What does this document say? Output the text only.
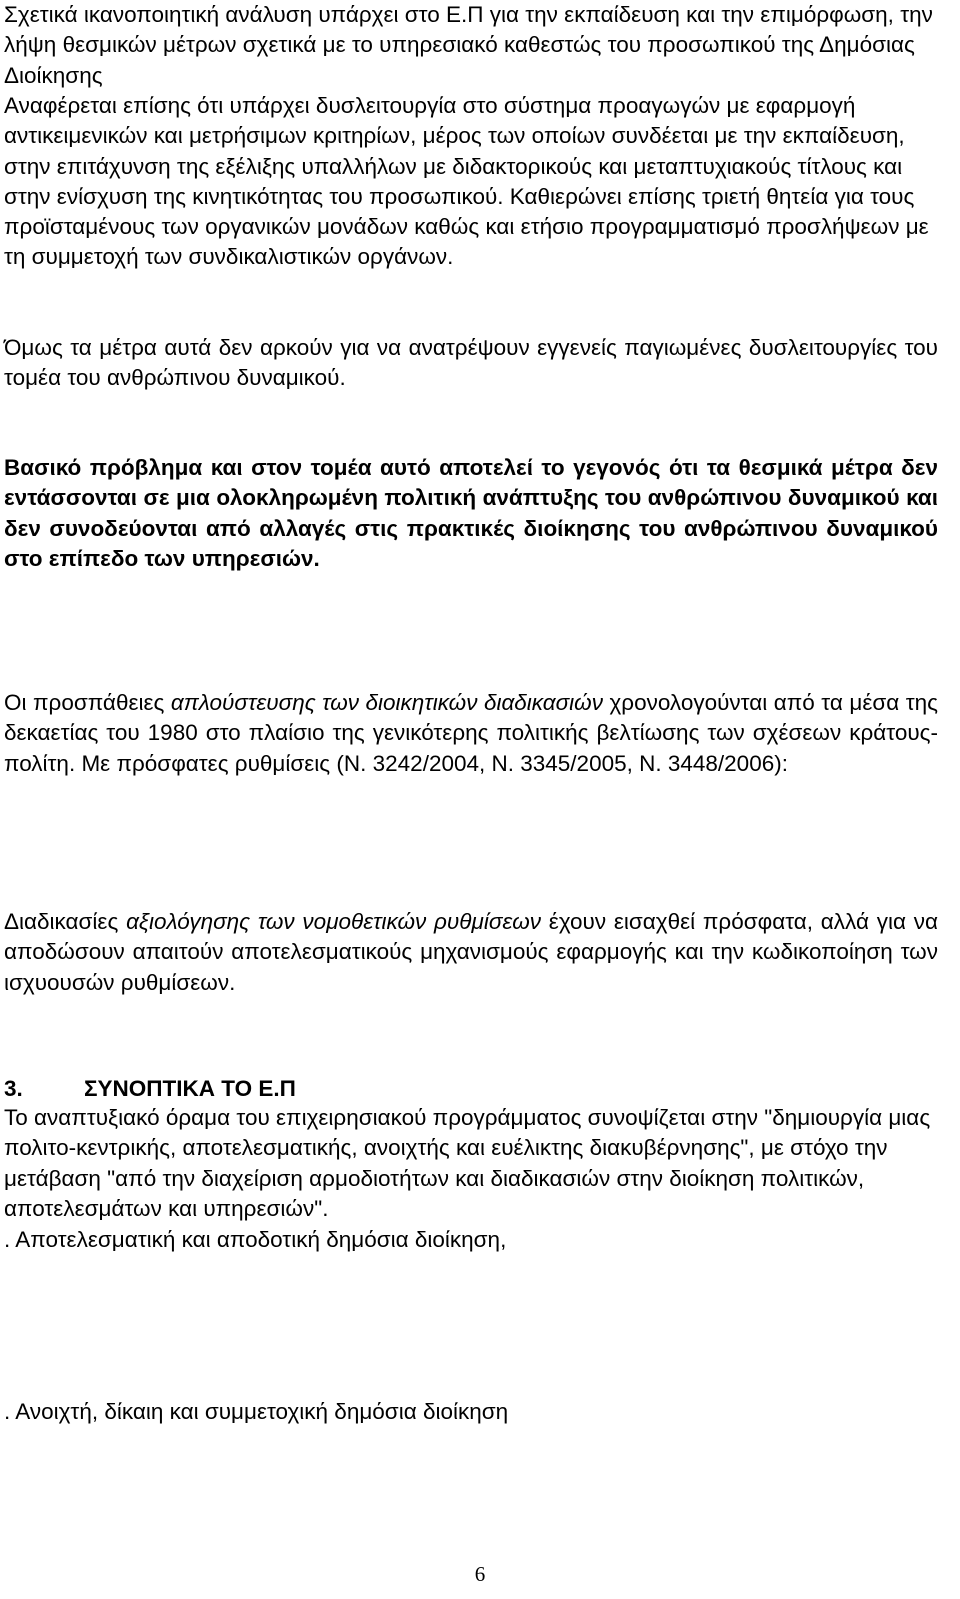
Σχετικά ικανοποιητική ανάλυση υπάρχει στο Ε.Π για την εκπαίδευση και την επιμόρφωση, την λήψη θεσμικών μέτρων σχετικά με το υπηρεσιακό καθεστώς του προσωπικού της Δημόσιας Διοίκησης

Αναφέρεται επίσης ότι υπάρχει δυσλειτουργία στο σύστημα προαγωγών με εφαρμογή αντικειμενικών και μετρήσιμων κριτηρίων, μέρος των οποίων συνδέεται με την εκπαίδευση, στην επιτάχυνση της εξέλιξης υπαλλήλων με διδακτορικούς και μεταπτυχιακούς τίτλους και στην ενίσχυση της κινητικότητας του προσωπικού. Καθιερώνει επίσης τριετή θητεία για τους προϊσταμένους των οργανικών μονάδων καθώς και ετήσιο προγραμματισμό προσλήψεων με τη συμμετοχή των συνδικαλιστικών οργάνων.

Όμως τα μέτρα αυτά δεν αρκούν για να ανατρέψουν εγγενείς παγιωμένες δυσλειτουργίες του τομέα του ανθρώπινου δυναμικού.

Βασικό πρόβλημα και στον τομέα αυτό αποτελεί το γεγονός ότι τα θεσμικά μέτρα δεν εντάσσονται σε μια ολοκληρωμένη πολιτική ανάπτυξης του ανθρώπινου δυναμικού και δεν συνοδεύονται από αλλαγές στις πρακτικές διοίκησης του ανθρώπινου δυναμικού στο επίπεδο των υπηρεσιών.

Οι προσπάθειες απλούστευσης των διοικητικών διαδικασιών χρονολογούνται από τα μέσα της δεκαετίας του 1980 στο πλαίσιο της γενικότερης πολιτικής βελτίωσης των σχέσεων κράτους-πολίτη. Με πρόσφατες ρυθμίσεις (Ν. 3242/2004, Ν. 3345/2005, Ν. 3448/2006):

Διαδικασίες αξιολόγησης των νομοθετικών ρυθμίσεων έχουν εισαχθεί πρόσφατα, αλλά για να αποδώσουν απαιτούν αποτελεσματικούς μηχανισμούς εφαρμογής και την κωδικοποίηση των ισχυουσών ρυθμίσεων.

3.	ΣΥΝΟΠΤΙΚΑ ΤΟ Ε.Π

Το αναπτυξιακό όραμα του επιχειρησιακού προγράμματος συνοψίζεται στην "δημιουργία μιας πολιτο-κεντρικής, αποτελεσματικής, ανοιχτής και ευέλικτης διακυβέρνησης", με στόχο την μετάβαση "από την διαχείριση αρμοδιοτήτων και διαδικασιών στην διοίκηση πολιτικών, αποτελεσμάτων και υπηρεσιών".

. Αποτελεσματική και αποδοτική δημόσια διοίκηση,

. Ανοιχτή, δίκαιη και συμμετοχική δημόσια διοίκηση

6
